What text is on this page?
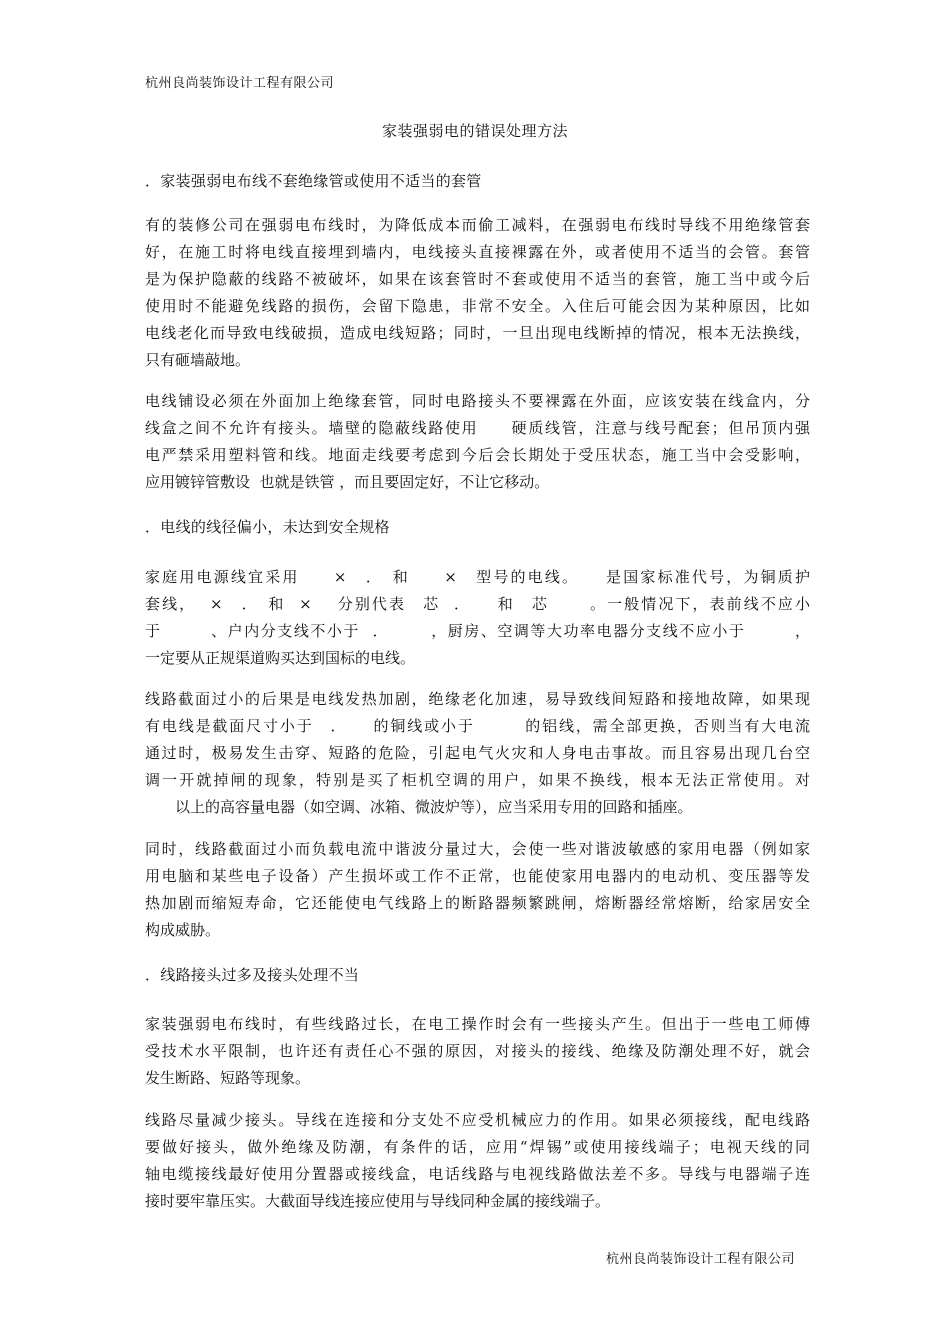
杭州良尚装饰设计工程有限公司
家装强弱电的错误处理方法
．家装强弱电布线不套绝缘管或使用不适当的套管
有的装修公司在强弱电布线时，为降低成本而偷工减料，在强弱电布线时导线不用绝缘管套
好，在施工时将电线直接埋到墙内，电线接头直接裸露在外，或者使用不适当的会管。套管
是为保护隐蔽的线路不被破坏，如果在该套管时不套或使用不适当的套管，施工当中或今后
使用时不能避免线路的损伤，会留下隐患，非常不安全。入住后可能会因为某种原因，比如
电线老化而导致电线破损，造成电线短路；同时，一旦出现电线断掉的情况，根本无法换线，
只有砸墙敲地。
电线铺设必须在外面加上绝缘套管，同时电路接头不要裸露在外面，应该安装在线盒内，分
线盒之间不允许有接头。墙壁的隐蔽线路使用　　硬质线管，注意与线号配套；但吊顶内强
电严禁采用塑料管和线。地面走线要考虑到今后会长期处于受压状态，施工当中会受影响，
应用镀锌管敷设  也就是铁管 ，而且要固定好，不让它移动。
．电线的线径偏小，未达到安全规格
家庭用电源线宜采用　　×　．　和　　×　型号的电线。　　是国家标准代号，为铜质护
套线，  ×　．　和  ×　 分别代表　芯  ．　　和　芯　　 。一般情况下，表前线不应小
于　　　、户内分支线不小于  ．　　　，厨房、空调等大功率电器分支线不应小于　　　，
一定要从正规渠道购买达到国标的电线。
线路截面过小的后果是电线发热加剧，绝缘老化加速，易导致线间短路和接地故障，如果现
有电线是截面尺寸小于　．　　的铜线或小于　　　的铝线，需全部更换，否则当有大电流
通过时，极易发生击穿、短路的危险，引起电气火灾和人身电击事故。而且容易出现几台空
调一开就掉闸的现象，特别是买了柜机空调的用户，如果不换线，根本无法正常使用。对
　　以上的高容量电器（如空调、冰箱、微波炉等），应当采用专用的回路和插座。
同时，线路截面过小而负载电流中谐波分量过大，会使一些对谐波敏感的家用电器（例如家
用电脑和某些电子设备）产生损坏或工作不正常，也能使家用电器内的电动机、变压器等发
热加剧而缩短寿命，它还能使电气线路上的断路器频繁跳闸，熔断器经常熔断，给家居安全
构成威胁。
．线路接头过多及接头处理不当
家装强弱电布线时，有些线路过长，在电工操作时会有一些接头产生。但出于一些电工师傅
受技术水平限制，也许还有责任心不强的原因，对接头的接线、绝缘及防潮处理不好，就会
发生断路、短路等现象。
线路尽量减少接头。导线在连接和分支处不应受机械应力的作用。如果必须接线，配电线路
要做好接头，做外绝缘及防潮，有条件的话，应用“焊锡”或使用接线端子；电视天线的同
轴电缆接线最好使用分置器或接线盒，电话线路与电视线路做法差不多。导线与电器端子连
接时要牢靠压实。大截面导线连接应使用与导线同种金属的接线端子。
杭州良尚装饰设计工程有限公司
